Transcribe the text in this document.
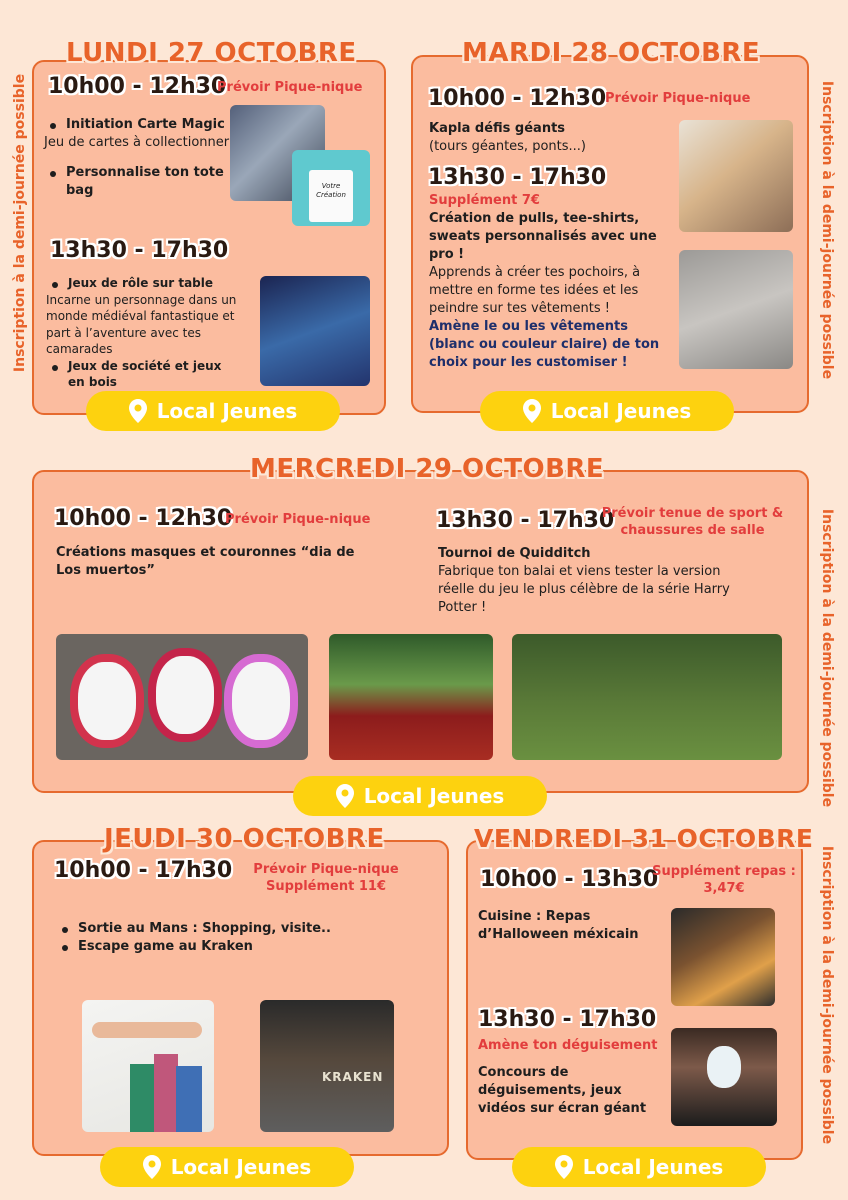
Inscription à la demi-journée possible	Inscription à la demi-journée possible
Inscription à la demi-journée possible
Inscription à la demi-journée possible
LUNDI 27 OCTOBRE
10h00 - 12h30
Prévoir Pique-nique
Initiation Carte Magic
Jeu de cartes à collectionner
Personnalise ton tote bag	Votre Création
13h30 - 17h30
Jeux de rôle sur table
Incarne un personnage dans un monde médiéval fantastique et part à l’aventure avec tes camarades
Jeux de société et jeux en bois
Local Jeunes
MARDI 28 OCTOBRE
10h00 - 12h30
Prévoir Pique-nique
Kapla défis géants
(tours géantes, ponts...)
13h30 - 17h30
Supplément 7€
Création de pulls, tee-shirts, sweats personnalisés avec une pro !
Apprends à créer tes pochoirs, à mettre en forme tes idées et les peindre sur tes vêtements !
Amène le ou les vêtements (blanc ou couleur claire) de ton choix pour les customiser !
Local Jeunes
MERCREDI 29 OCTOBRE
10h00 - 12h30
Prévoir Pique-nique
Créations masques et couronnes “dia de Los muertos”
13h30 - 17h30
Prévoir tenue de sport & chaussures de salle
Tournoi de Quidditch
Fabrique ton balai et viens tester la version réelle du jeu le plus célèbre de la série Harry Potter !
Local Jeunes
JEUDI 30 OCTOBRE
10h00 - 17h30	Prévoir Pique-nique
Supplément 11€
Sortie au Mans : Shopping, visite..
Escape game au Kraken
KRAKEN
Local Jeunes
VENDREDI 31 OCTOBRE
10h00 - 13h30
Supplément repas : 3,47€
Cuisine : Repas d’Halloween méxicain
13h30 - 17h30
Amène ton déguisement
Concours de déguisements, jeux vidéos sur écran géant
Local Jeunes
